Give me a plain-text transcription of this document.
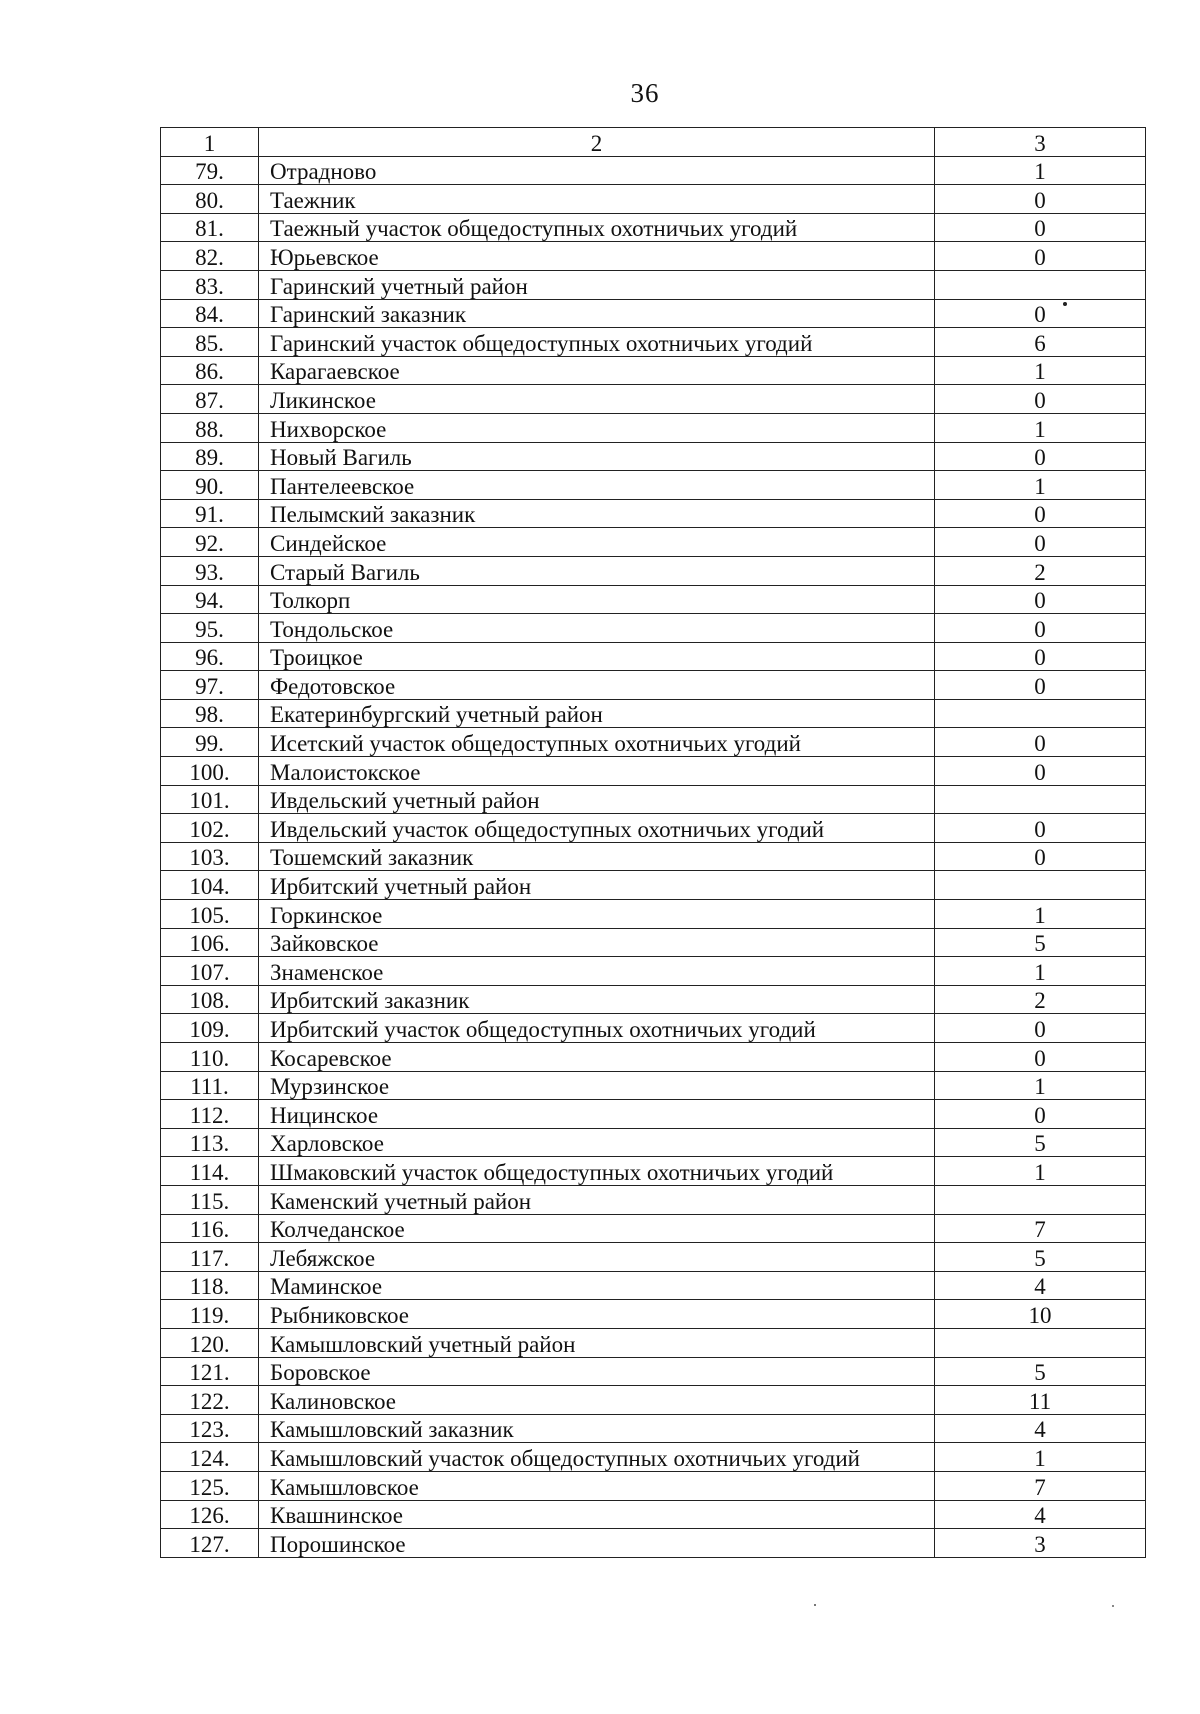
36
1	2	3
79.	Отрадново	1
80.	Таежник	0
81.	Таежный участок общедоступных охотничьих угодий	0
82.	Юрьевское	0
83.	Гаринский учетный район	
84.	Гаринский заказник	0
85.	Гаринский участок общедоступных охотничьих угодий	6
86.	Карагаевское	1
87.	Ликинское	0
88.	Нихворское	1
89.	Новый Вагиль	0
90.	Пантелеевское	1
91.	Пелымский заказник	0
92.	Синдейское	0
93.	Старый Вагиль	2
94.	Толкорп	0
95.	Тондольское	0
96.	Троицкое	0
97.	Федотовское	0
98.	Екатеринбургский учетный район	
99.	Исетский участок общедоступных охотничьих угодий	0
100.	Малоистокское	0
101.	Ивдельский учетный район	
102.	Ивдельский участок общедоступных охотничьих угодий	0
103.	Тошемский заказник	0
104.	Ирбитский учетный район	
105.	Горкинское	1
106.	Зайковское	5
107.	Знаменское	1
108.	Ирбитский заказник	2
109.	Ирбитский участок общедоступных охотничьих угодий	0
110.	Косаревское	0
111.	Мурзинское	1
112.	Ницинское	0
113.	Харловское	5
114.	Шмаковский участок общедоступных охотничьих угодий	1
115.	Каменский учетный район	
116.	Колчеданское	7
117.	Лебяжское	5
118.	Маминское	4
119.	Рыбниковское	10
120.	Камышловский учетный район	
121.	Боровское	5
122.	Калиновское	11
123.	Камышловский заказник	4
124.	Камышловский участок общедоступных охотничьих угодий	1
125.	Камышловское	7
126.	Квашнинское	4
127.	Порошинское	3
